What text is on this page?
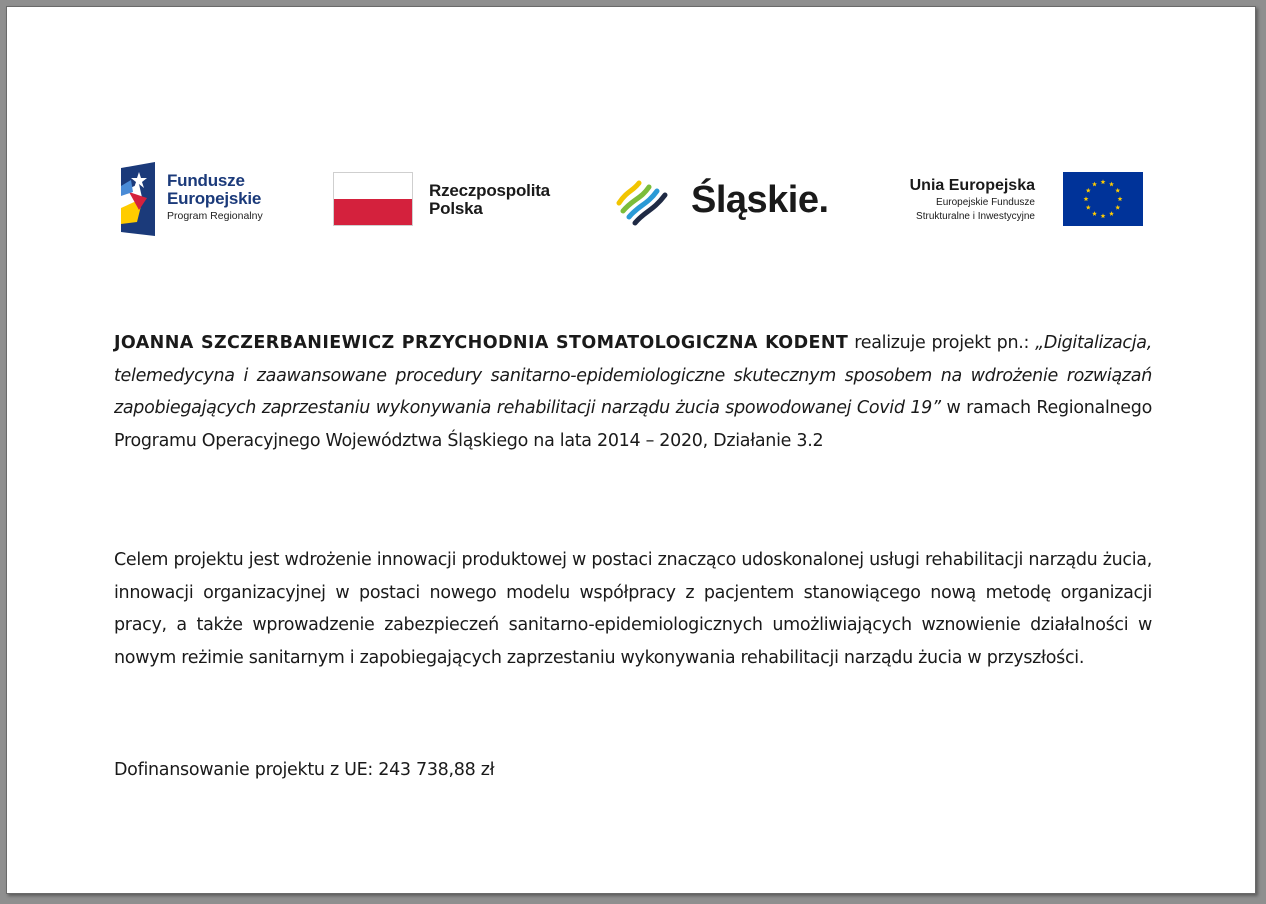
Fundusze
Europejskie
Program Regionalny
Rzeczpospolita
Polska	Śląskie.	Unia Europejska
Europejskie Fundusze
Strukturalne i Inwestycyjne

JOANNA SZCZERBANIEWICZ PRZYCHODNIA STOMATOLOGICZNA KODENT realizuje projekt pn.: „Digitalizacja, telemedycyna i zaawansowane procedury sanitarno-epidemiologiczne skutecznym sposobem na wdrożenie rozwiązań zapobiegających zaprzestaniu wykonywania rehabilitacji narządu żucia spowodowanej Covid 19” w ramach Regionalnego Programu Operacyjnego Województwa Śląskiego na lata 2014 – 2020, Działanie 3.2

Celem projektu jest wdrożenie innowacji produktowej w postaci znacząco udoskonalonej usługi rehabilitacji narządu żucia, innowacji organizacyjnej w postaci nowego modelu współpracy z pacjentem stanowiącego nową metodę organizacji pracy, a także wprowadzenie zabezpieczeń sanitarno-epidemiologicznych umożliwiających wznowienie działalności w nowym reżimie sanitarnym i zapobiegających zaprzestaniu wykonywania rehabilitacji narządu żucia w przyszłości.

Dofinansowanie projektu z UE: 243 738,88 zł
